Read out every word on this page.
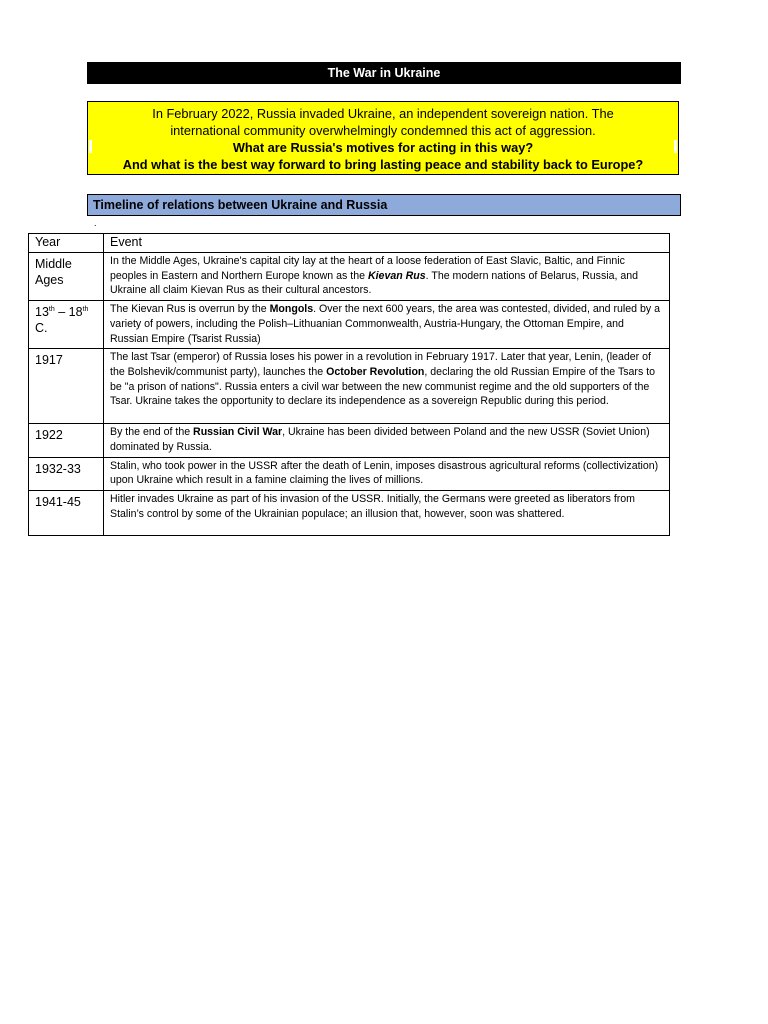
The War in Ukraine
In February 2022, Russia invaded Ukraine, an independent sovereign nation. The
international community overwhelmingly condemned this act of aggression.
What are Russia's motives for acting in this way?
And what is the best way forward to bring lasting peace and stability back to Europe?
Timeline of relations between Ukraine and Russia
.
Year	Event
Middle Ages	In the Middle Ages, Ukraine's capital city lay at the heart of a loose federation of East Slavic, Baltic, and Finnic peoples in Eastern and Northern Europe known as the Kievan Rus. The modern nations of Belarus, Russia, and Ukraine all claim Kievan Rus as their cultural ancestors.
13th – 18th
C.	The Kievan Rus is overrun by the Mongols. Over the next 600 years, the area was contested, divided, and ruled by a variety of powers, including the Polish–Lithuanian Commonwealth, Austria-Hungary, the Ottoman Empire, and Russian Empire (Tsarist Russia)
1917	The last Tsar (emperor) of Russia loses his power in a revolution in February 1917. Later that year, Lenin, (leader of the Bolshevik/communist party), launches the October Revolution, declaring the old Russian Empire of the Tsars to be "a prison of nations". Russia enters a civil war between the new communist regime and the old supporters of the Tsar. Ukraine takes the opportunity to declare its independence as a sovereign Republic during this period.
1922	By the end of the Russian Civil War, Ukraine has been divided between Poland and the new USSR (Soviet Union) dominated by Russia.
1932-33	Stalin, who took power in the USSR after the death of Lenin, imposes disastrous agricultural reforms (collectivization) upon Ukraine which result in a famine claiming the lives of millions.
1941-45	Hitler invades Ukraine as part of his invasion of the USSR. Initially, the Germans were greeted as liberators from Stalin’s control by some of the Ukrainian populace; an illusion that, however, soon was shattered.
